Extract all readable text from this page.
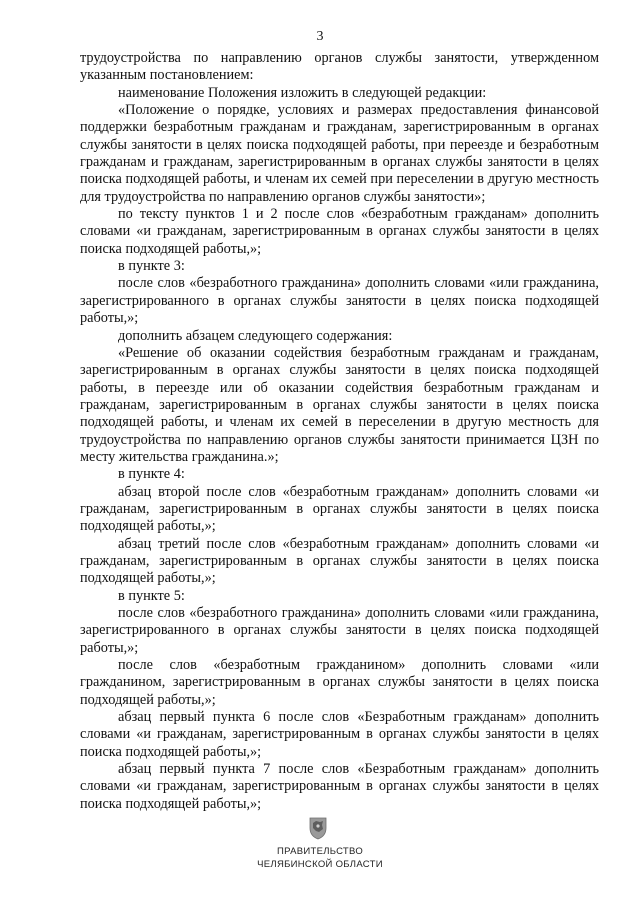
3

трудоустройства по направлению органов службы занятости, утвержденном указанным постановлением:

наименование Положения изложить в следующей редакции:

«Положение о порядке, условиях и размерах предоставления финансовой поддержки безработным гражданам и гражданам, зарегистрированным в органах службы занятости в целях поиска подходящей работы, при переезде и безработным гражданам и гражданам, зарегистрированным в органах службы занятости в целях поиска подходящей работы, и членам их семей при переселении в другую местность для трудоустройства по направлению органов службы занятости»;

по тексту пунктов 1 и 2 после слов «безработным гражданам» дополнить словами «и гражданам, зарегистрированным в органах службы занятости в целях поиска подходящей работы,»;

в пункте 3:

после слов «безработного гражданина» дополнить словами «или гражданина, зарегистрированного в органах службы занятости в целях поиска подходящей работы,»;

дополнить абзацем следующего содержания:

«Решение об оказании содействия безработным гражданам и гражданам, зарегистрированным в органах службы занятости в целях поиска подходящей работы, в переезде или об оказании содействия безработным гражданам и гражданам, зарегистрированным в органах службы занятости в целях поиска подходящей работы, и членам их семей в переселении в другую местность для трудоустройства по направлению органов службы занятости принимается ЦЗН по месту жительства гражданина.»;

в пункте 4:

абзац второй после слов «безработным гражданам» дополнить словами «и гражданам, зарегистрированным в органах службы занятости в целях поиска подходящей работы,»;

абзац третий после слов «безработным гражданам» дополнить словами «и гражданам, зарегистрированным в органах службы занятости в целях поиска подходящей работы,»;

в пункте 5:

после слов «безработного гражданина» дополнить словами «или гражданина, зарегистрированного в органах службы занятости в целях поиска подходящей работы,»;

после слов «безработным гражданином» дополнить словами «или гражданином, зарегистрированным в органах службы занятости в целях поиска подходящей работы,»;

абзац первый пункта 6 после слов «Безработным гражданам» дополнить словами «и гражданам, зарегистрированным в органах службы занятости в целях поиска подходящей работы,»;

абзац первый пункта 7 после слов «Безработным гражданам» дополнить словами «и гражданам, зарегистрированным в органах службы занятости в целях поиска подходящей работы,»;

ПРАВИТЕЛЬСТВО
ЧЕЛЯБИНСКОЙ ОБЛАСТИ
